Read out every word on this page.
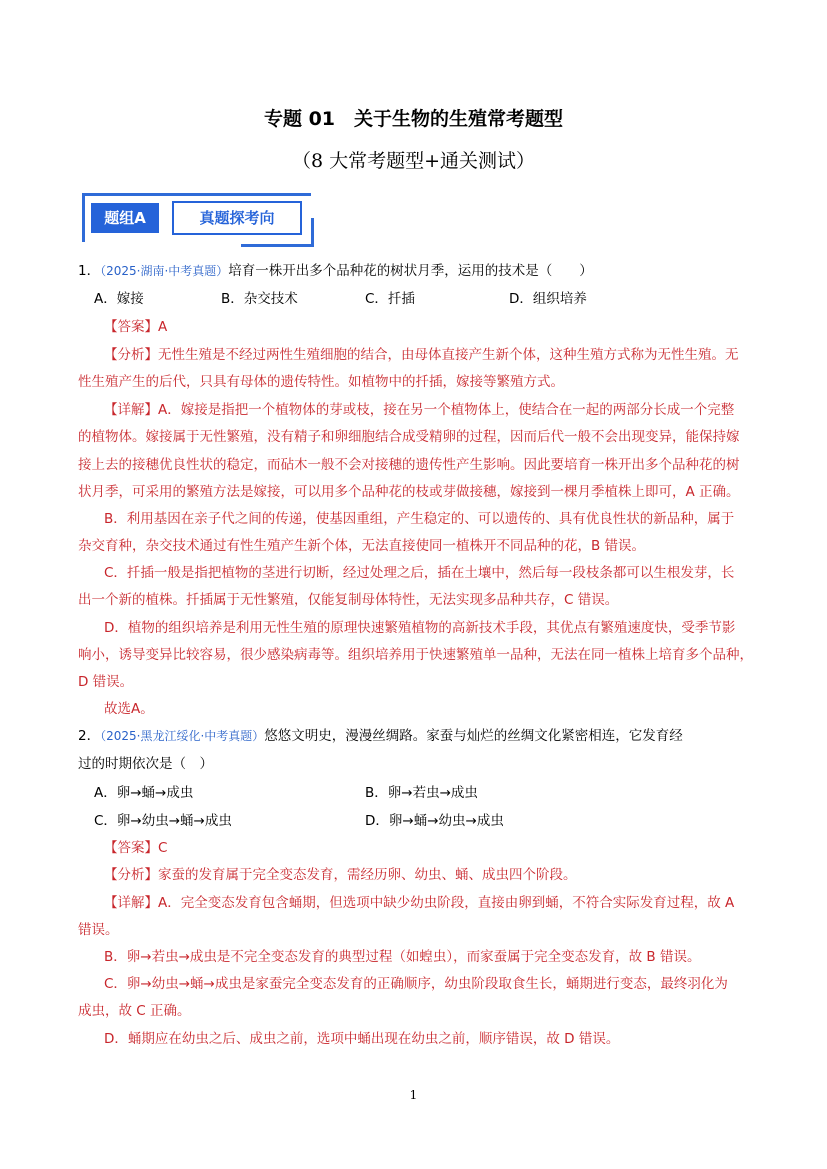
专题 01　关于生物的生殖常考题型
（8 大常考题型+通关测试）
题组A	真题探考向
1．（2025·湖南·中考真题）培育一株开出多个品种花的树状月季，运用的技术是（　　）
A．嫁接	B．杂交技术	C．扦插	D．组织培养
【答案】A
【分析】无性生殖是不经过两性生殖细胞的结合，由母体直接产生新个体，这种生殖方式称为无性生殖。无
性生殖产生的后代，只具有母体的遗传特性。如植物中的扦插，嫁接等繁殖方式。
【详解】A．嫁接是指把一个植物体的芽或枝，接在另一个植物体上，使结合在一起的两部分长成一个完整
的植物体。嫁接属于无性繁殖，没有精子和卵细胞结合成受精卵的过程，因而后代一般不会出现变异，能保持嫁
接上去的接穗优良性状的稳定，而砧木一般不会对接穗的遗传性产生影响。因此要培育一株开出多个品种花的树
状月季，可采用的繁殖方法是嫁接，可以用多个品种花的枝或芽做接穗，嫁接到一棵月季植株上即可，A 正确。
B．利用基因在亲子代之间的传递，使基因重组，产生稳定的、可以遗传的、具有优良性状的新品种，属于
杂交育种，杂交技术通过有性生殖产生新个体，无法直接使同一植株开不同品种的花，B 错误。
C．扦插一般是指把植物的茎进行切断，经过处理之后，插在土壤中，然后每一段枝条都可以生根发芽，长
出一个新的植株。扦插属于无性繁殖，仅能复制母体特性，无法实现多品种共存，C 错误。
D．植物的组织培养是利用无性生殖的原理快速繁殖植物的高新技术手段，其优点有繁殖速度快，受季节影
响小，诱导变异比较容易，很少感染病毒等。组织培养用于快速繁殖单一品种，无法在同一植株上培育多个品种，
D 错误。
故选A。
2．（2025·黑龙江绥化·中考真题）悠悠文明史，漫漫丝绸路。家蚕与灿烂的丝绸文化紧密相连，它发育经
过的时期依次是（　）
A．卵→蛹→成虫	B．卵→若虫→成虫
C．卵→幼虫→蛹→成虫	D．卵→蛹→幼虫→成虫
【答案】C
【分析】家蚕的发育属于完全变态发育，需经历卵、幼虫、蛹、成虫四个阶段。
【详解】A．完全变态发育包含蛹期，但选项中缺少幼虫阶段，直接由卵到蛹，不符合实际发育过程，故 A
错误。
B．卵→若虫→成虫是不完全变态发育的典型过程（如蝗虫），而家蚕属于完全变态发育，故 B 错误。
C．卵→幼虫→蛹→成虫是家蚕完全变态发育的正确顺序，幼虫阶段取食生长，蛹期进行变态，最终羽化为
成虫，故 C 正确。
D．蛹期应在幼虫之后、成虫之前，选项中蛹出现在幼虫之前，顺序错误，故 D 错误。
1
